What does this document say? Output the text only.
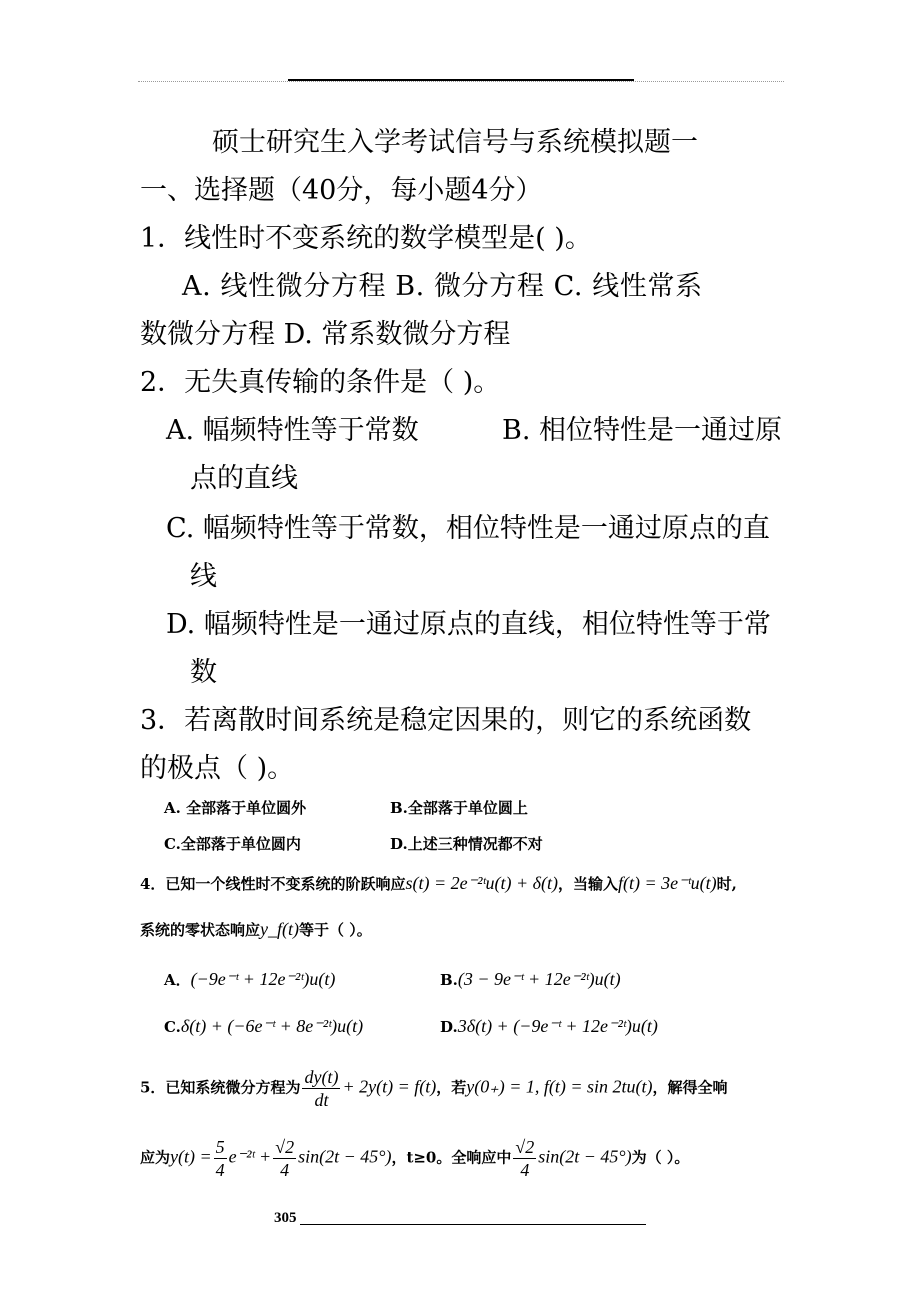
硕士研究生入学考试信号与系统模拟题一
一、选择题（40分，每小题4分）
1．线性时不变系统的数学模型是( )。
A. 线性微分方程 B. 微分方程 C. 线性常系
数微分方程 D. 常系数微分方程
2．无失真传输的条件是（ )。
A. 幅频特性等于常数	B. 相位特性是一通过原
点的直线
C. 幅频特性等于常数，相位特性是一通过原点的直
线
D. 幅频特性是一通过原点的直线，相位特性等于常
数
3．若离散时间系统是稳定因果的，则它的系统函数
的极点（ )。
A. 全部落于单位圆外	B.全部落于单位圆上
C.全部落于单位圆内	D.上述三种情况都不对
4．已知一个线性时不变系统的阶跃响应s(t) = 2e⁻²ᵗu(t) + δ(t)，当输入f(t) = 3e⁻ᵗu(t)时,
系统的零状态响应y_f(t)等于（ ）。
A．(−9e⁻ᵗ + 12e⁻²ᵗ)u(t)	B.(3 − 9e⁻ᵗ + 12e⁻²ᵗ)u(t)
C.δ(t) + (−6e⁻ᵗ + 8e⁻²ᵗ)u(t)	D.3δ(t) + (−9e⁻ᵗ + 12e⁻²ᵗ)u(t)
5．已知系统微分方程为 $\frac{dy(t)}{dt} + 2y(t) = f(t)$，若y(0₊) = 1, f(t) = sin 2tu(t)，解得全响
应为$y(t) = \frac{5}{4}$ e⁻²ᵗ + $\frac{√2}{4} \sin(2t - 45^\circ)$，t≥0。全响应中 $\frac{√2}{4} \sin(2t - 45^\circ)$为（ ）。
305
